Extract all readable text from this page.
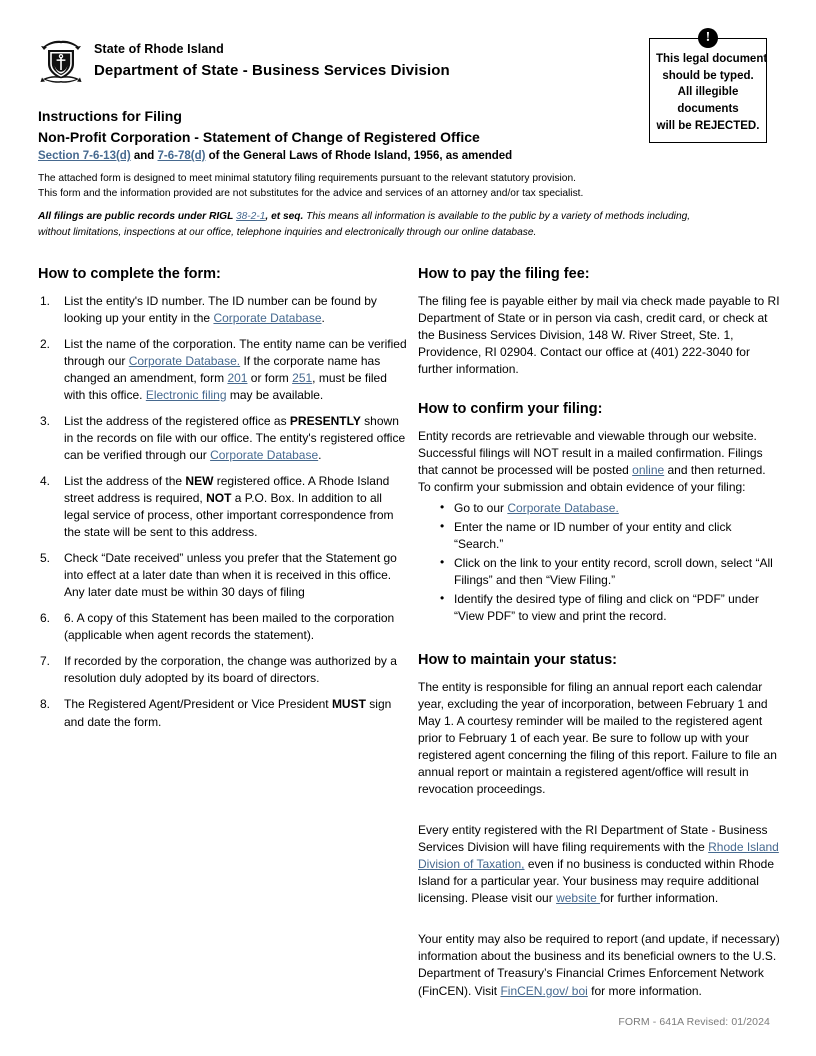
State of Rhode Island
Department of State - Business Services Division
!
This legal document
should be typed.
All illegible
documents
will be REJECTED.
Instructions for Filing
Non-Profit Corporation - Statement of Change of Registered Office
Section 7-6-13(d) and 7-6-78(d) of the General Laws of Rhode Island, 1956, as amended
The attached form is designed to meet minimal statutory filing requirements pursuant to the relevant statutory provision.
This form and the information provided are not substitutes for the advice and services of an attorney and/or tax specialist.
All filings are public records under RIGL 38-2-1, et seq. This means all information is available to the public by a variety of methods including, without limitations, inspections at our office, telephone inquiries and electronically through our online database.
How to complete the form:
1.	List the entity's ID number. The ID number can be found by looking up your entity in the Corporate Database.
2.	List the name of the corporation. The entity name can be verified through our Corporate Database. If the corporate name has changed an amendment, form 201 or form 251, must be filed with this office. Electronic filing may be available.
3.	List the address of the registered office as PRESENTLY shown in the records on file with our office. The entity's registered office can be verified through our Corporate Database.
4.	List the address of the NEW registered office. A Rhode Island street address is required, NOT a P.O. Box. In addition to all legal service of process, other important correspondence from the state will be sent to this address.
5.	Check “Date received” unless you prefer that the Statement go into effect at a later date than when it is received in this office. Any later date must be within 30 days of filing
6.	6. A copy of this Statement has been mailed to the corporation (applicable when agent records the statement).
7.	If recorded by the corporation, the change was authorized by a resolution duly adopted by its board of directors.
8.	The Registered Agent/President or Vice President MUST sign and date the form.
How to pay the filing fee:

The filing fee is payable either by mail via check made payable to RI Department of State or in person via cash, credit card, or check at the Business Services Division, 148 W. River Street, Ste. 1, Providence, RI 02904. Contact our office at (401) 222-3040 for further information.

How to confirm your filing:

Entity records are retrievable and viewable through our website. Successful filings will NOT result in a mailed confirmation. Filings that cannot be processed will be posted online and then returned. To confirm your submission and obtain evidence of your filing:

• Go to our Corporate Database.
• Enter the name or ID number of your entity and click “Search.”
• Click on the link to your entity record, scroll down, select “All Filings” and then “View Filing.”
• Identify the desired type of filing and click on “PDF” under “View PDF” to view and print the record.
How to maintain your status:

The entity is responsible for filing an annual report each calendar year, excluding the year of incorporation, between February 1 and May 1. A courtesy reminder will be mailed to the registered agent prior to February 1 of each year. Be sure to follow up with your registered agent concerning the filing of this report. Failure to file an annual report or maintain a registered agent/office will result in revocation proceedings.

Every entity registered with the RI Department of State - Business Services Division will have filing requirements with the Rhode Island Division of Taxation, even if no business is conducted within Rhode Island for a particular year. Your business may require additional licensing. Please visit our website for further information.

Your entity may also be required to report (and update, if necessary) information about the business and its beneficial owners to the U.S. Department of Treasury’s Financial Crimes Enforcement Network (FinCEN). Visit FinCEN.gov/ boi for more information.

FORM - 641A Revised: 01/2024
